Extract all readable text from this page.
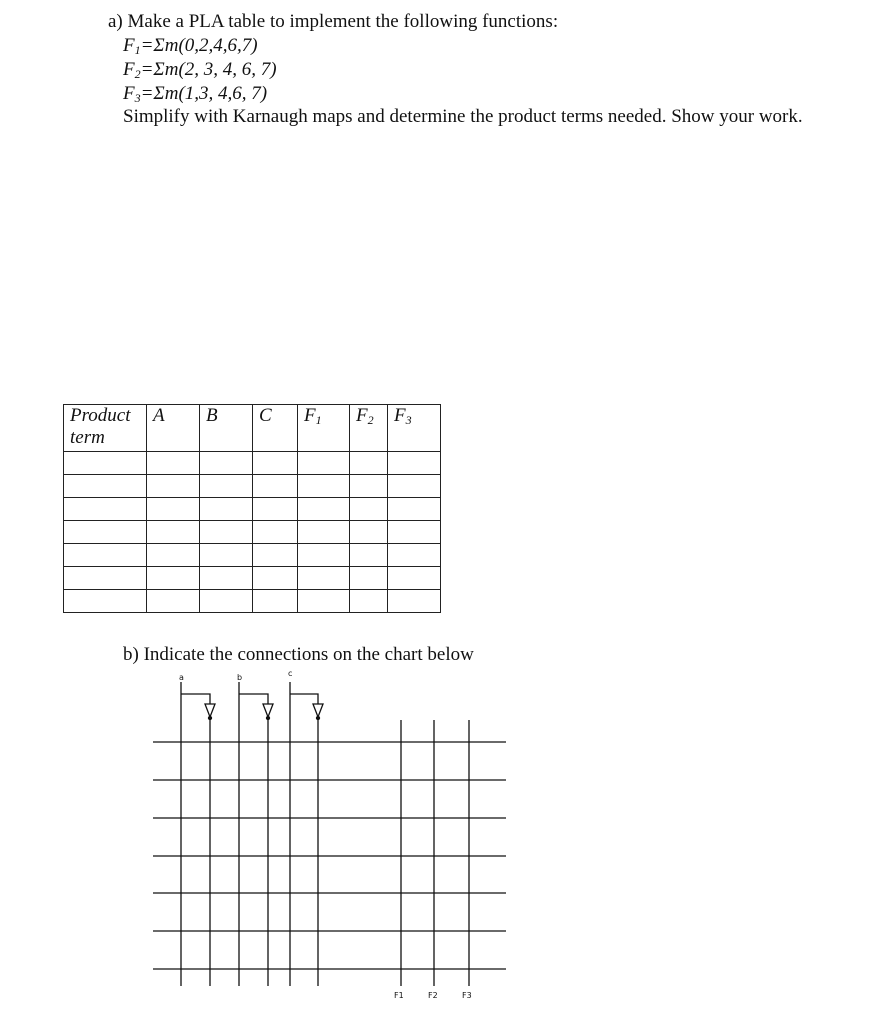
a) Make a PLA table to implement the following functions:
$F_1=\Sigma m(0,2,4,6,7)$
$F_2=\Sigma m(2$, 3, 4, 6, 7)
$F_3=\Sigma m(1,3$, 4,6, 7)
Simplify with Karnaugh maps and determine the product terms needed. Show your work.
Product term	A	B	C	$F_1$	$F_2$	$F_3$

b) Indicate the connections on the chart below
a	b	c
F1	F2	F3
